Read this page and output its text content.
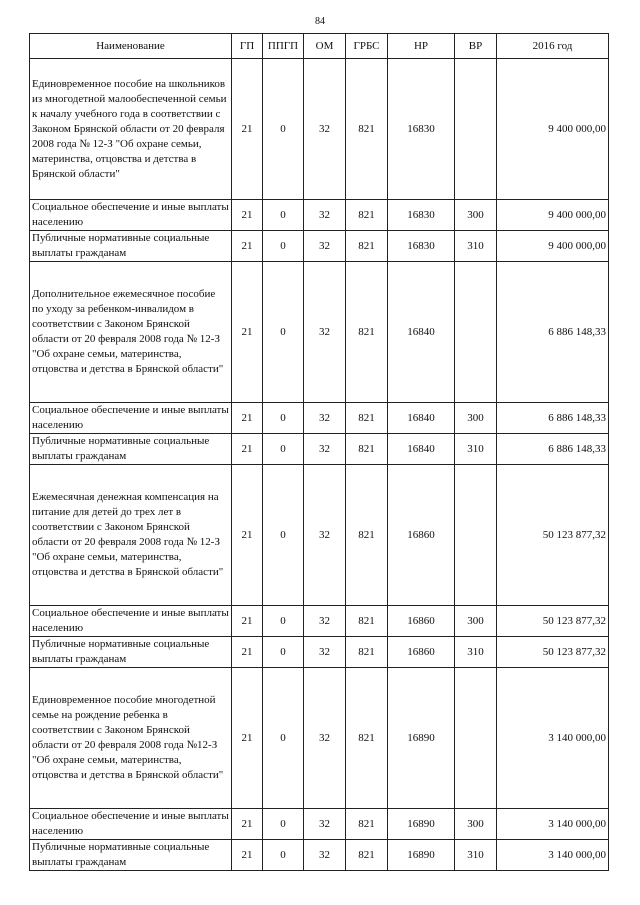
84
Наименование	ГП	ППГП	ОМ	ГРБС	НР	ВР	2016 год
Единовременное пособие на школьников из многодетной малообеспеченной семьи к началу учебного года в соответствии с Законом Брянской области от 20 февраля 2008 года № 12-З "Об охране семьи, материнства, отцовства и детства в Брянской области"	21	0	32	821	16830		9 400 000,00
Социальное обеспечение и иные выплаты населению	21	0	32	821	16830	300	9 400 000,00
Публичные нормативные социальные выплаты гражданам	21	0	32	821	16830	310	9 400 000,00
Дополнительное ежемесячное пособие по уходу за ребенком-инвалидом в соответствии с Законом Брянской области от 20 февраля 2008 года № 12-З "Об охране семьи, материнства, отцовства и детства в Брянской области"	21	0	32	821	16840		6 886 148,33
Социальное обеспечение и иные выплаты населению	21	0	32	821	16840	300	6 886 148,33
Публичные нормативные социальные выплаты гражданам	21	0	32	821	16840	310	6 886 148,33
Ежемесячная денежная компенсация на питание для детей до трех лет в соответствии с Законом Брянской области от 20 февраля 2008 года № 12-З "Об охране семьи, материнства, отцовства и детства в Брянской области"	21	0	32	821	16860		50 123 877,32
Социальное обеспечение и иные выплаты населению	21	0	32	821	16860	300	50 123 877,32
Публичные нормативные социальные выплаты гражданам	21	0	32	821	16860	310	50 123 877,32
Единовременное пособие многодетной семье на рождение ребенка в соответствии с Законом Брянской области от 20 февраля 2008 года №12-З "Об охране семьи, материнства, отцовства и детства в Брянской области"	21	0	32	821	16890		3 140 000,00
Социальное обеспечение и иные выплаты населению	21	0	32	821	16890	300	3 140 000,00
Публичные нормативные социальные выплаты гражданам	21	0	32	821	16890	310	3 140 000,00
